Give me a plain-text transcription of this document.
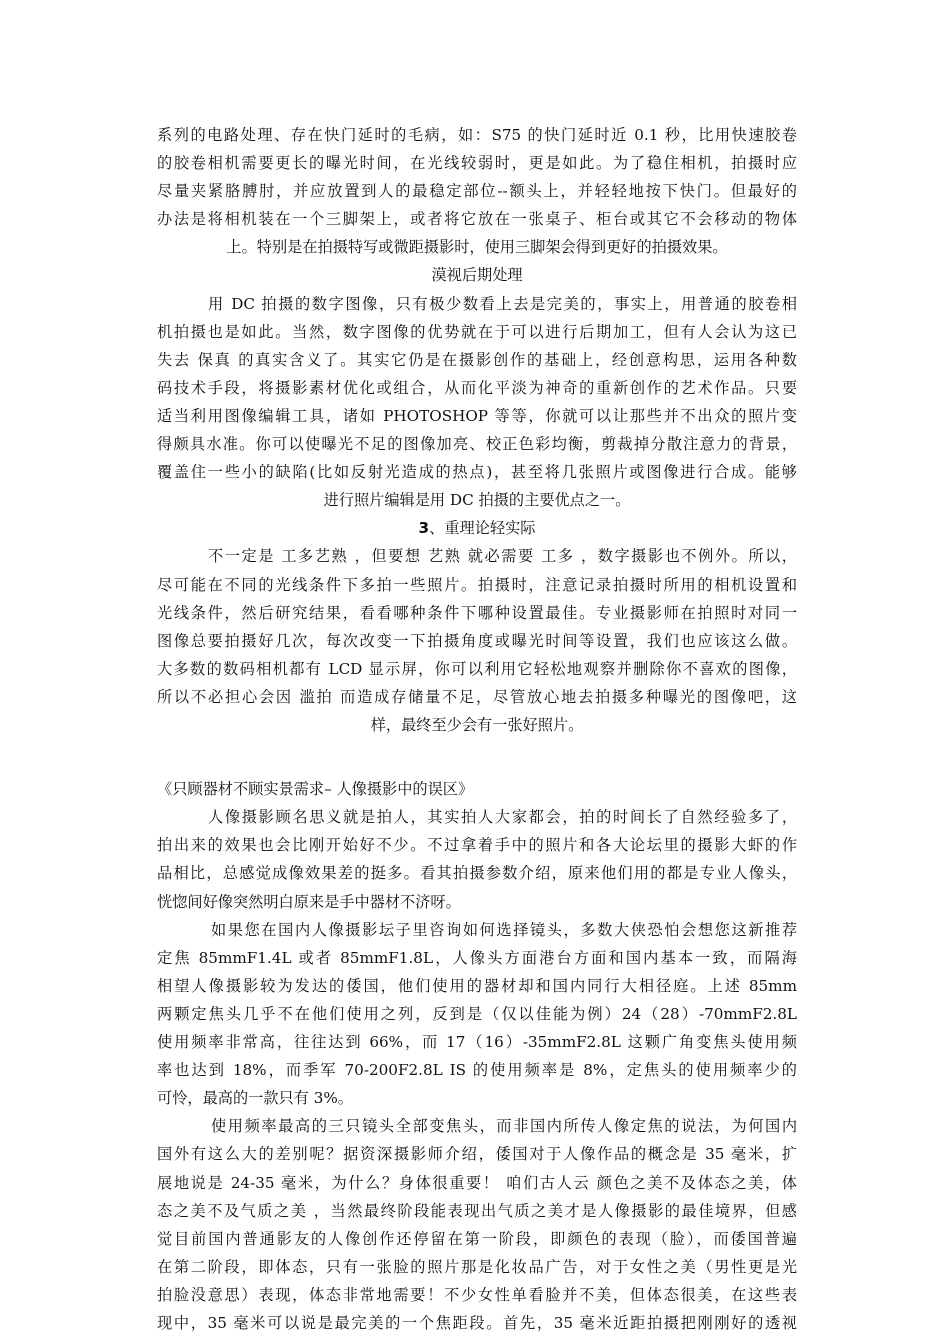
系列的电路处理、存在快门延时的毛病，如：S75 的快门延时近 0.1 秒，比用快速胶卷
的胶卷相机需要更长的曝光时间，在光线较弱时，更是如此。为了稳住相机，拍摄时应
尽量夹紧胳膊肘，并应放置到人的最稳定部位--额头上，并轻轻地按下快门。但最好的
办法是将相机装在一个三脚架上，或者将它放在一张桌子、柜台或其它不会移动的物体
上。特别是在拍摄特写或微距摄影时，使用三脚架会得到更好的拍摄效果。
漠视后期处理
用 DC 拍摄的数字图像，只有极少数看上去是完美的，事实上，用普通的胶卷相
机拍摄也是如此。当然，数字图像的优势就在于可以进行后期加工，但有人会认为这已
失去 保真 的真实含义了。其实它仍是在摄影创作的基础上，经创意构思，运用各种数
码技术手段，将摄影素材优化或组合，从而化平淡为神奇的重新创作的艺术作品。只要
适当利用图像编辑工具，诸如 PHOTOSHOP 等等，你就可以让那些并不出众的照片变
得颇具水准。你可以使曝光不足的图像加亮、校正色彩均衡，剪裁掉分散注意力的背景，
覆盖住一些小的缺陷(比如反射光造成的热点)，甚至将几张照片或图像进行合成。能够
进行照片编辑是用 DC 拍摄的主要优点之一。
3、重理论轻实际
不一定是 工多艺熟 ，但要想 艺熟 就必需要 工多 ，数字摄影也不例外。所以，
尽可能在不同的光线条件下多拍一些照片。拍摄时，注意记录拍摄时所用的相机设置和
光线条件，然后研究结果，看看哪种条件下哪种设置最佳。专业摄影师在拍照时对同一
图像总要拍摄好几次，每次改变一下拍摄角度或曝光时间等设置，我们也应该这么做。
大多数的数码相机都有 LCD 显示屏，你可以利用它轻松地观察并删除你不喜欢的图像，
所以不必担心会因 滥拍 而造成存储量不足，尽管放心地去拍摄多种曝光的图像吧，这
样，最终至少会有一张好照片。
《只顾器材不顾实景需求– 人像摄影中的误区》
人像摄影顾名思义就是拍人，其实拍人大家都会，拍的时间长了自然经验多了，
拍出来的效果也会比刚开始好不少。不过拿着手中的照片和各大论坛里的摄影大虾的作
品相比，总感觉成像效果差的挺多。看其拍摄参数介绍，原来他们用的都是专业人像头，
恍惚间好像突然明白原来是手中器材不济呀。
如果您在国内人像摄影坛子里咨询如何选择镜头，多数大侠恐怕会想您这新推荐
定焦 85mmF1.4L 或者 85mmF1.8L，人像头方面港台方面和国内基本一致，而隔海
相望人像摄影较为发达的倭国，他们使用的器材却和国内同行大相径庭。上述 85mm
两颗定焦头几乎不在他们使用之列，反到是（仅以佳能为例）24（28）-70mmF2.8L
使用频率非常高，往往达到 66%，而 17（16）-35mmF2.8L 这颗广角变焦头使用频
率也达到 18%，而季军 70-200F2.8L IS 的使用频率是 8%，定焦头的使用频率少的
可怜，最高的一款只有 3%。
使用频率最高的三只镜头全部变焦头，而非国内所传人像定焦的说法，为何国内
国外有这么大的差别呢？据资深摄影师介绍，倭国对于人像作品的概念是 35 毫米，扩
展地说是 24-35 毫米，为什么？身体很重要！ 咱们古人云 颜色之美不及体态之美，体
态之美不及气质之美 ，当然最终阶段能表现出气质之美才是人像摄影的最佳境界，但感
觉目前国内普通影友的人像创作还停留在第一阶段，即颜色的表现（脸），而倭国普遍
在第二阶段，即体态，只有一张脸的照片那是化妆品广告，对于女性之美（男性更是光
拍脸没意思）表现，体态非常地需要！不少女性单看脸并不美，但体态很美，在这些表
现中，35 毫米可以说是最完美的一个焦距段。首先，35 毫米近距拍摄把刚刚好的透视
